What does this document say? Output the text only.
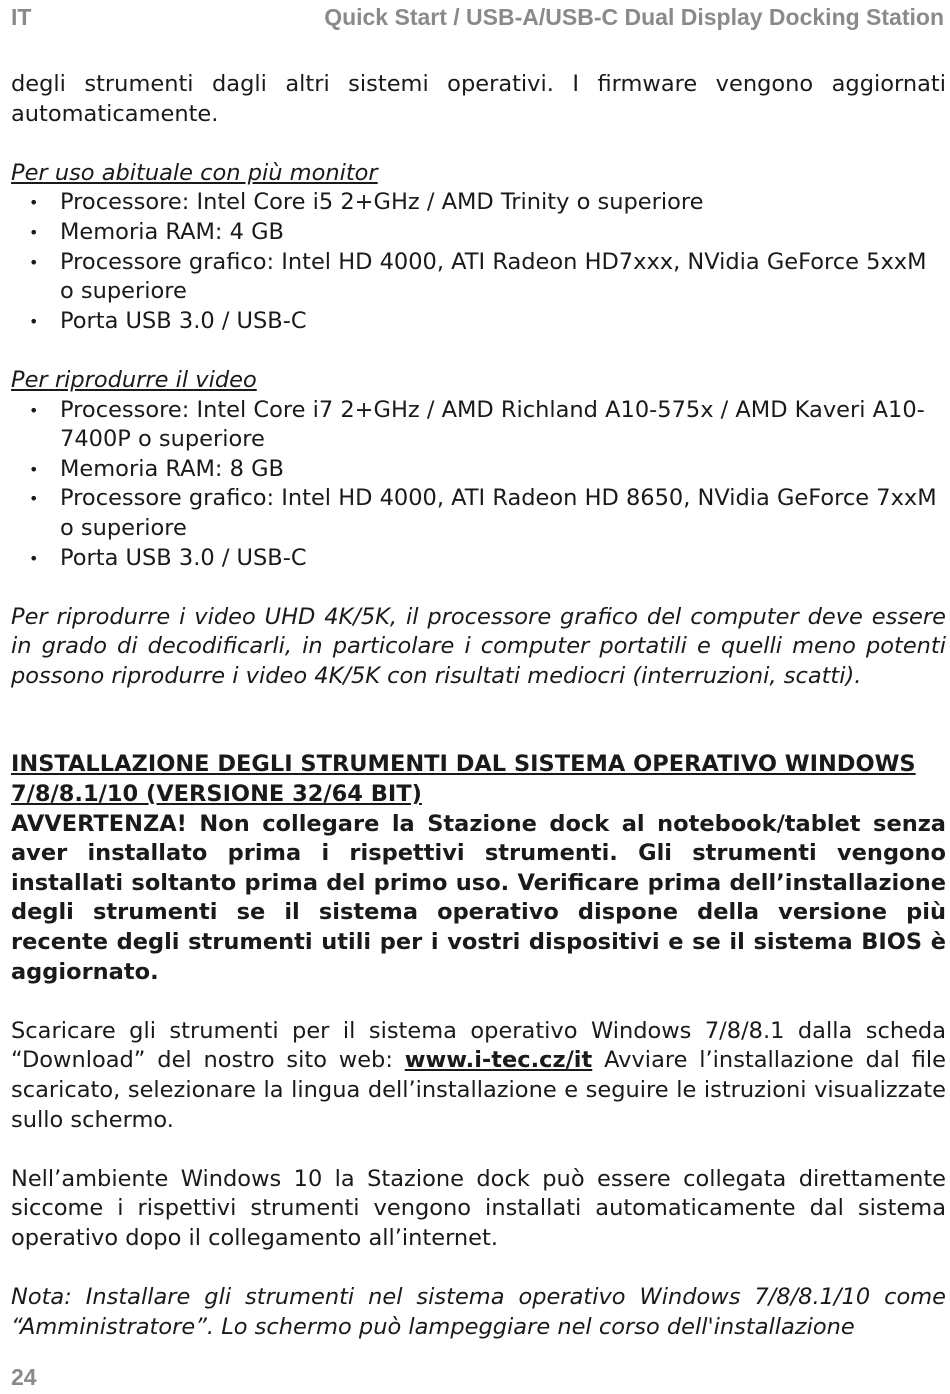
IT	Quick Start / USB-A/USB-C Dual Display Docking Station

degli strumenti dagli altri sistemi operativi. I firmware vengono aggiornati automaticamente.

Per uso abituale con più monitor

• Processore: Intel Core i5 2+GHz / AMD Trinity o superiore
• Memoria RAM: 4 GB
• Processore grafico: Intel HD 4000, ATI Radeon HD7xxx, NVidia GeForce 5xxM o superiore
• Porta USB 3.0 / USB-C

Per riprodurre il video

• Processore: Intel Core i7 2+GHz / AMD Richland A10-575x / AMD Kaveri A10-7400P o superiore
• Memoria RAM: 8 GB
• Processore grafico: Intel HD 4000, ATI Radeon HD 8650, NVidia GeForce 7xxM o superiore
• Porta USB 3.0 / USB-C

Per riprodurre i video UHD 4K/5K, il processore grafico del computer deve essere in grado di decodificarli, in particolare i computer portatili e quelli meno potenti possono riprodurre i video 4K/5K con risultati mediocri (interruzioni, scatti).

INSTALLAZIONE DEGLI STRUMENTI DAL SISTEMA OPERATIVO WINDOWS 7/8/8.1/10 (VERSIONE 32/64 BIT)

AVVERTENZA! Non collegare la Stazione dock al notebook/tablet senza aver installato prima i rispettivi strumenti. Gli strumenti vengono installati soltanto prima del primo uso. Verificare prima dell’installazione degli strumenti se il sistema operativo dispone della versione più recente degli strumenti utili per i vostri dispositivi e se il sistema BIOS è aggiornato.

Scaricare gli strumenti per il sistema operativo Windows 7/8/8.1 dalla scheda “Download” del nostro sito web: www.i-tec.cz/it Avviare l’installazione dal file scaricato, selezionare la lingua dell’installazione e seguire le istruzioni visualizzate sullo schermo.

Nell’ambiente Windows 10 la Stazione dock può essere collegata direttamente siccome i rispettivi strumenti vengono installati automaticamente dal sistema operativo dopo il collegamento all’internet.

Nota: Installare gli strumenti nel sistema operativo Windows 7/8/8.1/10 come “Amministratore”. Lo schermo può lampeggiare nel corso dell'installazione

24
